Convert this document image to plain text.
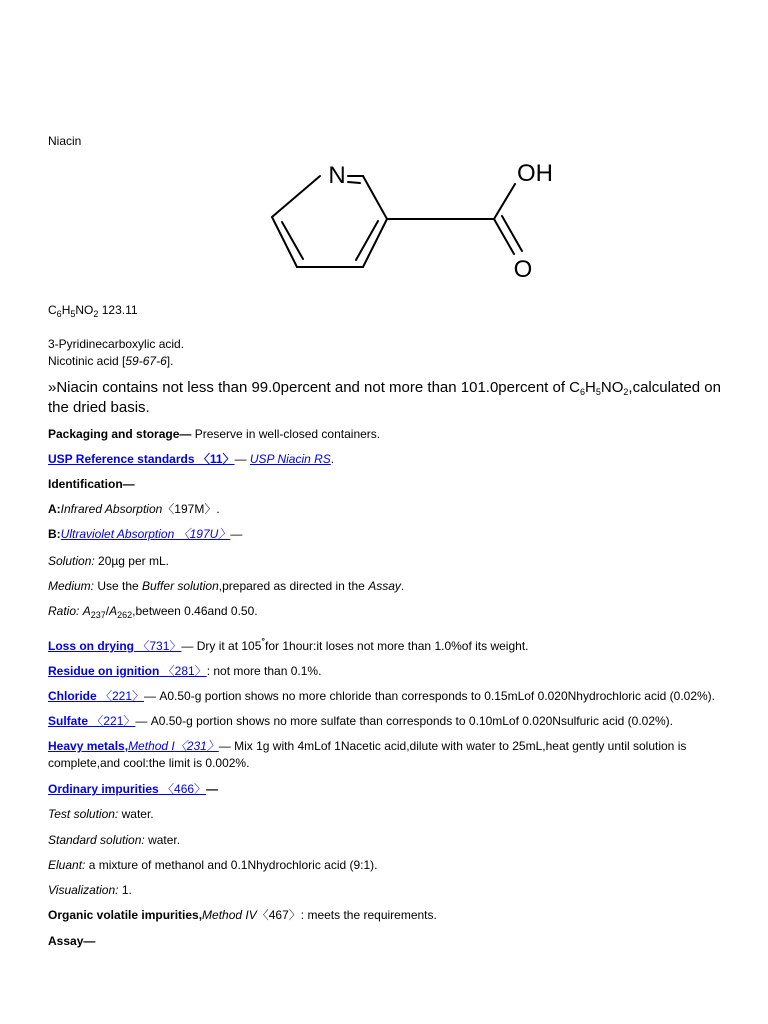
Niacin
N	OH
O
$C_6H_5NO_2$ 123.11
3-Pyridinecarboxylic acid.
Nicotinic acid [59-67-6].
»Niacin contains not less than 99.0percent and not more than 101.0percent of $C_6H_5NO_2,calculated$ on the dried basis.
Packaging and storage— Preserve in well-closed containers.
USP Reference standards 〈11〉— USP Niacin RS.
Identification—
A:Infrared Absorption〈197M〉.
B:Ultraviolet Absorption 〈197U〉—
Solution: 20µg per mL.
Medium: Use the Buffer solution,prepared as directed in the Assay.
Ratio: $A_{237}/A_{262},between$ 0.46and 0.50.
Loss on drying 〈731〉— Dry it at 105°for 1hour:it loses not more than 1.0%of its weight.
Residue on ignition 〈281〉: not more than 0.1%.
Chloride 〈221〉— A0.50-g portion shows no more chloride than corresponds to 0.15mLof 0.020Nhydrochloric acid (0.02%).
Sulfate 〈221〉— A0.50-g portion shows no more sulfate than corresponds to 0.10mLof 0.020Nsulfuric acid (0.02%).
Heavy metals,Method I〈231〉— Mix 1g with 4mLof 1Nacetic acid,dilute with water to 25mL,heat gently until solution is complete,and cool:the limit is 0.002%.
Ordinary impurities 〈466〉—
Test solution: water.
Standard solution: water.
Eluant: a mixture of methanol and 0.1Nhydrochloric acid (9:1).
Visualization: 1.
Organic volatile impurities,Method IV〈467〉: meets the requirements.
Assay—
